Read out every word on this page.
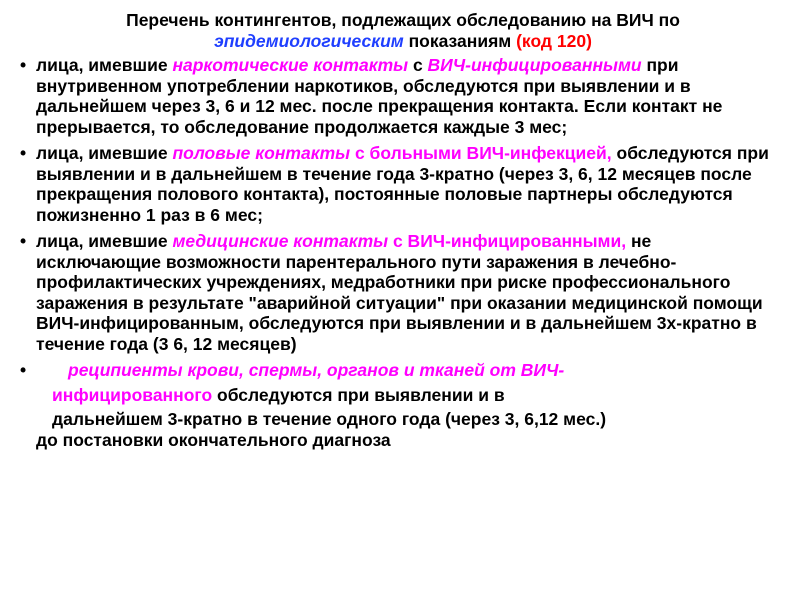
Перечень контингентов, подлежащих обследованию на ВИЧ по
эпидемиологическим показаниям (код 120)
• лица, имевшие наркотические контакты с ВИЧ-инфицированными при внутривенном употреблении наркотиков, обследуются при выявлении и в дальнейшем через 3, 6 и 12 мес. после прекращения контакта. Если контакт не прерывается, то обследование продолжается каждые 3 мес;
• лица, имевшие половые контакты с больными ВИЧ-инфекцией, обследуются при выявлении и в дальнейшем в течение года 3-кратно (через 3, 6, 12 месяцев после прекращения полового контакта), постоянные половые партнеры обследуются пожизненно 1 раз в 6 мес;
• лица, имевшие медицинские контакты с ВИЧ-инфицированными, не исключающие возможности парентерального пути заражения в лечебно-профилактических учреждениях, медработники при риске профессионального заражения в результате "аварийной ситуации" при оказании медицинской помощи ВИЧ-инфицированным, обследуются при выявлении и в дальнейшем 3х-кратно в течение года (3 6, 12 месяцев)
•	реципиенты крови, спермы, органов и тканей от ВИЧ-
инфицированного обследуются при выявлении и в
дальнейшем 3-кратно в течение одного года (через 3, 6,12 мес.)
до постановки окончательного диагноза
